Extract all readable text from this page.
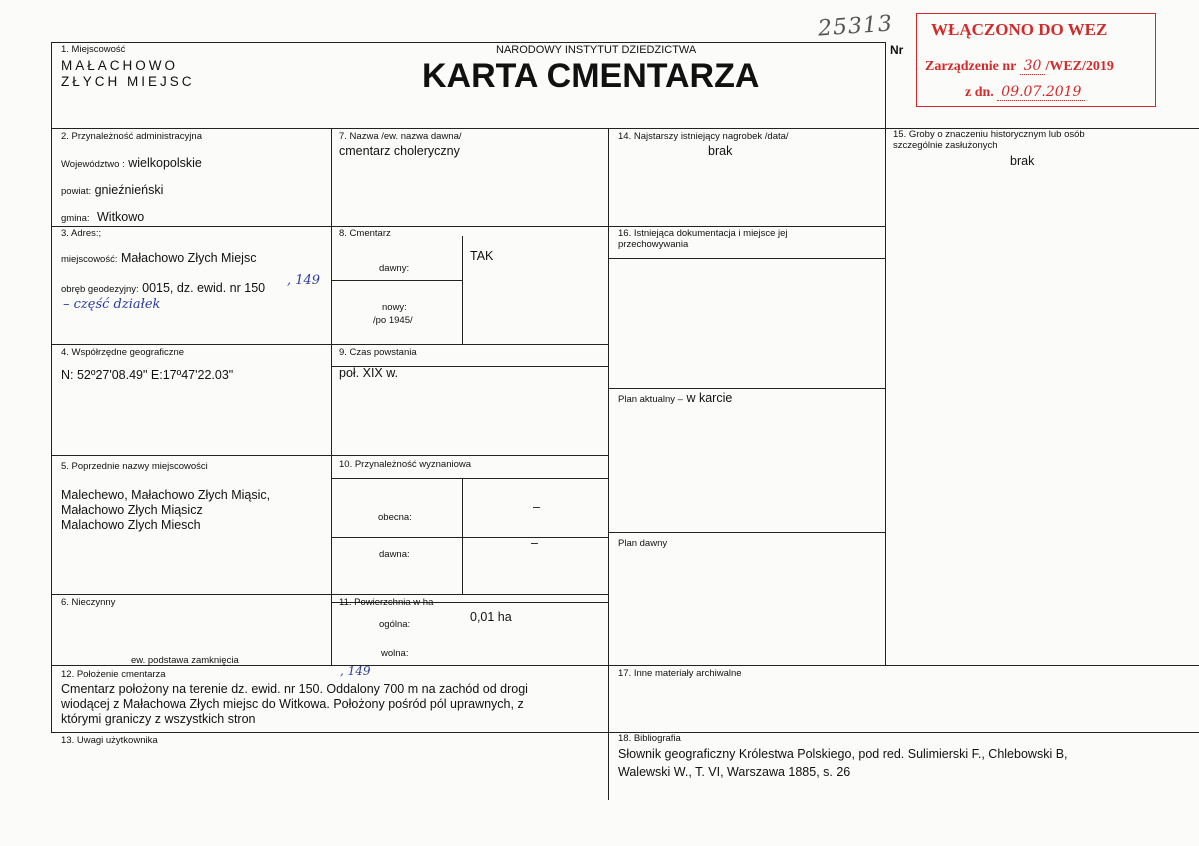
25313 WŁĄCZONO DO WEZ
Zarządzenie nr 30 /WEZ/2019
z dn. 09.07.2019
1. Miejscowość
MAŁACHOWO
ZŁYCH MIEJSC
NARODOWY INSTYTUT DZIEDZICTWA
KARTA CMENTARZA
Nr
2. Przynależność administracyjna
Województwo : wielkopolskie
powiat: gnieźnieński
gmina: Witkowo
3. Adres:;
miejscowość: Małachowo Złych Miejsc
obręb geodezyjny: 0015, dz. ewid. nr 150 , 149
– część działek
4. Współrzędne geograficzne
N: 52º27'08.49" E:17º47'22.03"
5. Poprzednie nazwy miejscowości
Malechewo, Małachowo Złych Miąsic,
Małachowo Złych Miąsicz
Malachowo Zlych Miesch
6. Nieczynny
ew. podstawa zamknięcia
7. Nazwa /ew. nazwa dawna/
cmentarz choleryczny
8. Cmentarz
dawny:
nowy:
/po 1945/
TAK
9. Czas powstania
poł. XIX w.
10. Przynależność wyznaniowa
obecna:
–
dawna:
–
11. Powierzchnia w ha
ogólna:
0,01 ha
wolna:
12. Położenie cmentarza	, 149
Cmentarz położony na terenie dz. ewid. nr 150. Oddalony 700 m na zachód od drogi
wiodącej z Małachowa Złych miejsc do Witkowa. Położony pośród pól uprawnych, z
którymi graniczy z wszystkich stron
13. Uwagi użytkownika
14. Najstarszy istniejący nagrobek /data/
brak
15. Groby o znaczeniu historycznym lub osób
szczególnie zasłużonych
brak
16. Istniejąca dokumentacja i miejsce jej
przechowywania
Plan aktualny – w karcie
Plan dawny
17. Inne materiały archiwalne
18. Bibliografia
Słownik geograficzny Królestwa Polskiego, pod red. Sulimierski F., Chlebowski B,
Walewski W., T. VI, Warszawa 1885, s. 26
